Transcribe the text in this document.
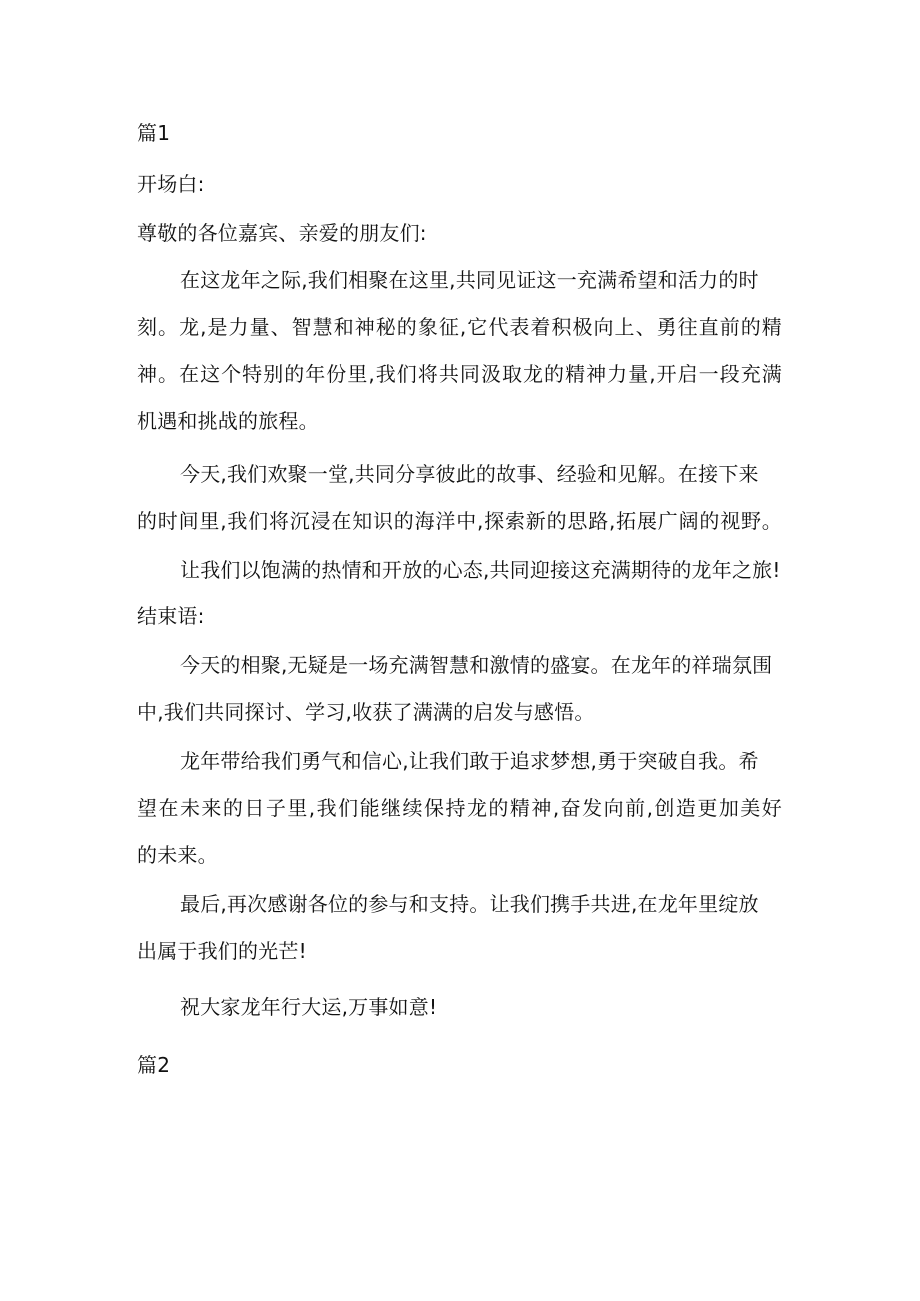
篇1
开场白:
尊敬的各位嘉宾、亲爱的朋友们:
在这龙年之际,我们相聚在这里,共同见证这一充满希望和活力的时
刻。龙,是力量、智慧和神秘的象征,它代表着积极向上、勇往直前的精
神。在这个特别的年份里,我们将共同汲取龙的精神力量,开启一段充满
机遇和挑战的旅程。
今天,我们欢聚一堂,共同分享彼此的故事、经验和见解。在接下来
的时间里,我们将沉浸在知识的海洋中,探索新的思路,拓展广阔的视野。
让我们以饱满的热情和开放的心态,共同迎接这充满期待的龙年之旅!
结束语:
今天的相聚,无疑是一场充满智慧和激情的盛宴。在龙年的祥瑞氛围
中,我们共同探讨、学习,收获了满满的启发与感悟。
龙年带给我们勇气和信心,让我们敢于追求梦想,勇于突破自我。希
望在未来的日子里,我们能继续保持龙的精神,奋发向前,创造更加美好
的未来。
最后,再次感谢各位的参与和支持。让我们携手共进,在龙年里绽放
出属于我们的光芒!
祝大家龙年行大运,万事如意!
篇2
